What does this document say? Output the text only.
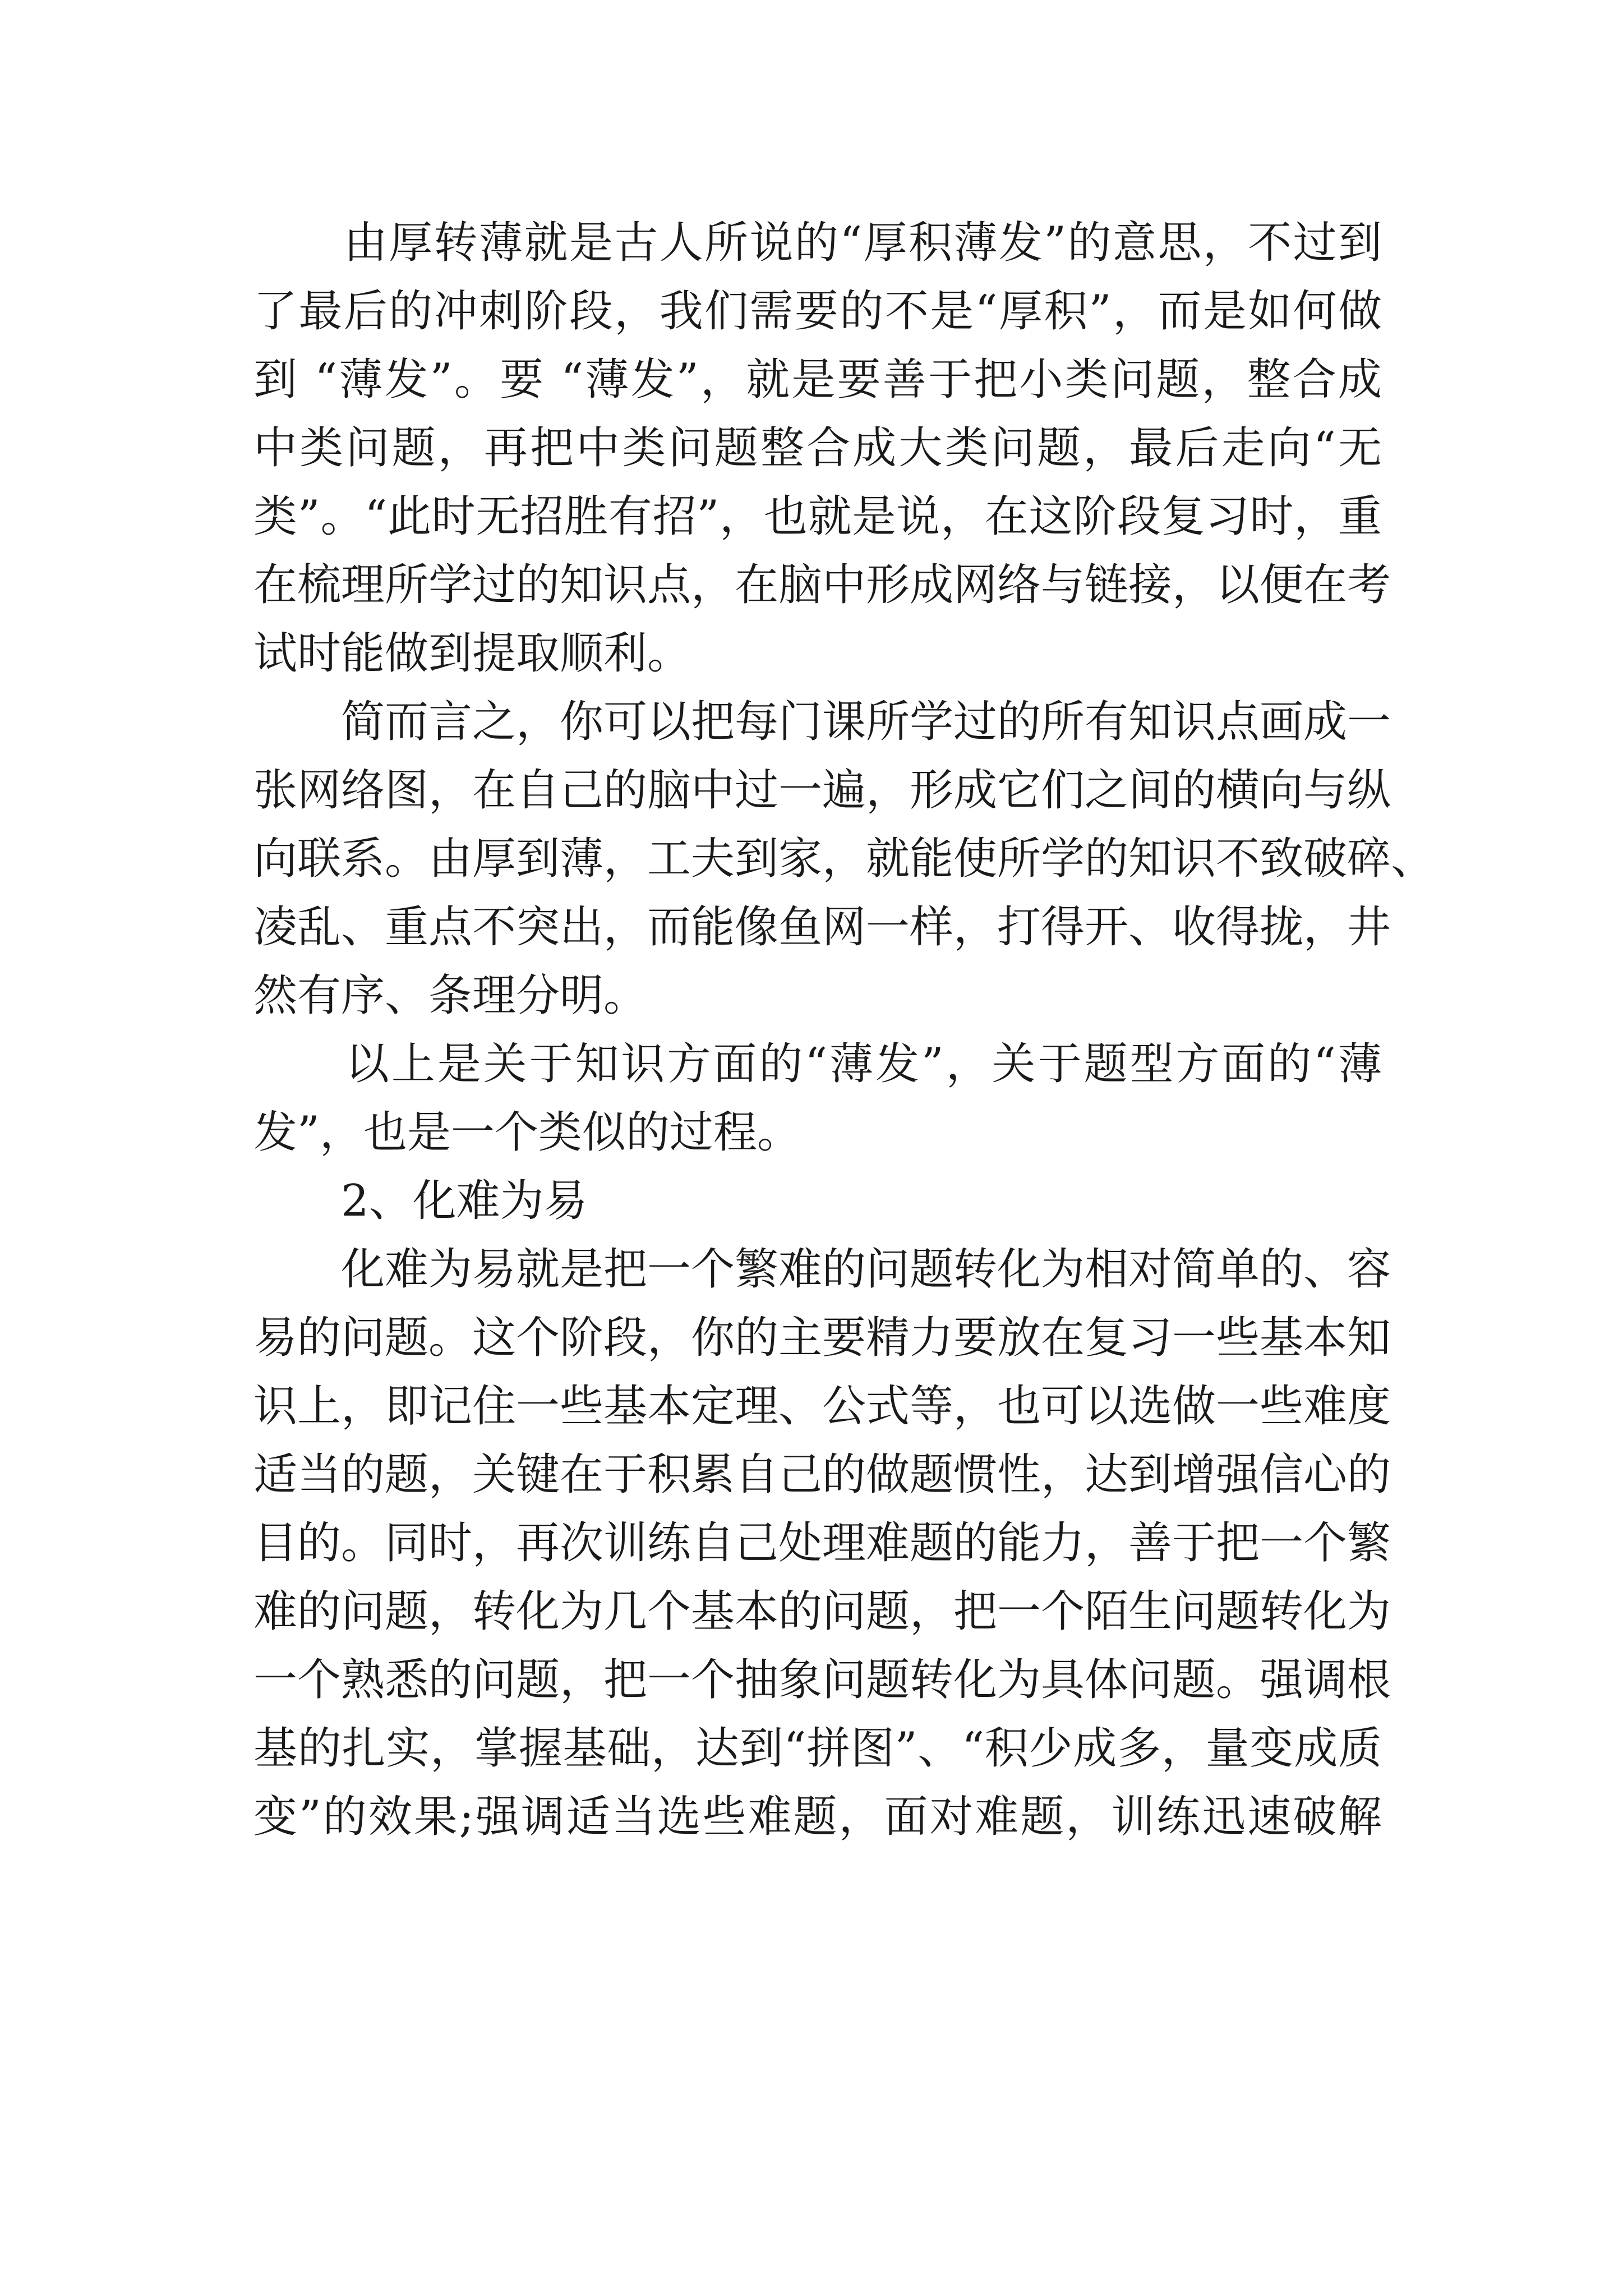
　　由厚转薄就是古人所说的“厚积薄发”的意思，不过到
了最后的冲刺阶段，我们需要的不是“厚积”，而是如何做
到 “薄发”。要 “薄发”，就是要善于把小类问题，整合成
中类问题，再把中类问题整合成大类问题，最后走向“无
类”。“此时无招胜有招”，也就是说，在这阶段复习时，重
在梳理所学过的知识点，在脑中形成网络与链接，以便在考
试时能做到提取顺利。
　　简而言之，你可以把每门课所学过的所有知识点画成一
张网络图，在自己的脑中过一遍，形成它们之间的横向与纵
向联系。由厚到薄，工夫到家，就能使所学的知识不致破碎、
凌乱、重点不突出，而能像鱼网一样，打得开、收得拢，井
然有序、条理分明。
　　以上是关于知识方面的“薄发”，关于题型方面的“薄
发”，也是一个类似的过程。
　　2、化难为易
　　化难为易就是把一个繁难的问题转化为相对简单的、容
易的问题。这个阶段，你的主要精力要放在复习一些基本知
识上，即记住一些基本定理、公式等，也可以选做一些难度
适当的题，关键在于积累自己的做题惯性，达到增强信心的
目的。同时，再次训练自己处理难题的能力，善于把一个繁
难的问题，转化为几个基本的问题，把一个陌生问题转化为
一个熟悉的问题，把一个抽象问题转化为具体问题。强调根
基的扎实，掌握基础，达到“拼图”、“积少成多，量变成质
变”的效果;强调适当选些难题，面对难题，训练迅速破解
